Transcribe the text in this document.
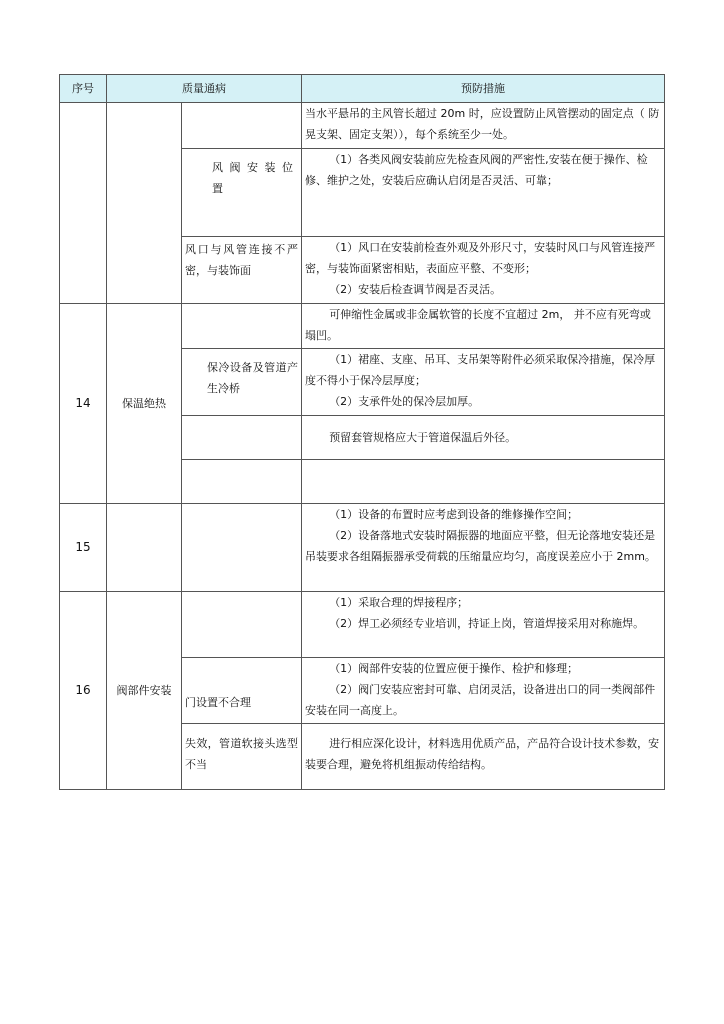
序号	质量通病		预防措施

			当水平悬吊的主风管长超过 20m 时，应设置防止风管摆动的固定点（ 防晃支架、固定支架）），每个系统至少一处。

		风阀安装位置	（1）各类风阀安装前应先检查风阀的严密性,安装在便于操作、检修、维护之处，安装后应确认启闭是否灵活、可靠；

		风口与风管连接不严密，与装饰面	（1）风口在安装前检查外观及外形尺寸，安装时风口与风管连接严密，与装饰面紧密相贴，表面应平整、不变形；
（2）安装后检查调节阀是否灵活。

14	保温绝热		可伸缩性金属或非金属软管的长度不宜超过 2m， 并不应有死弯或塌凹。

		保冷设备及管道产生冷桥	（1）裙座、支座、吊耳、支吊架等附件必须采取保冷措施，保冷厚度不得小于保冷层厚度；
（2）支承件处的保冷层加厚。

			预留套管规格应大于管道保温后外径。

15			（1）设备的布置时应考虑到设备的维修操作空间；
（2）设备落地式安装时隔振器的地面应平整，但无论落地安装还是吊装要求各组隔振器承受荷载的压缩量应均匀，高度误差应小于 2mm。

16	阀部件安装		（1）采取合理的焊接程序；
（2）焊工必须经专业培训，持证上岗，管道焊接采用对称施焊。

		门设置不合理	（1）阀部件安装的位置应便于操作、检护和修理；
（2）阀门安装应密封可靠、启闭灵活，设备进出口的同一类阀部件安装在同一高度上。

		失效，管道软接头选型不当	进行相应深化设计，材料选用优质产品，产品符合设计技术参数，安装要合理，避免将机组振动传给结构。
